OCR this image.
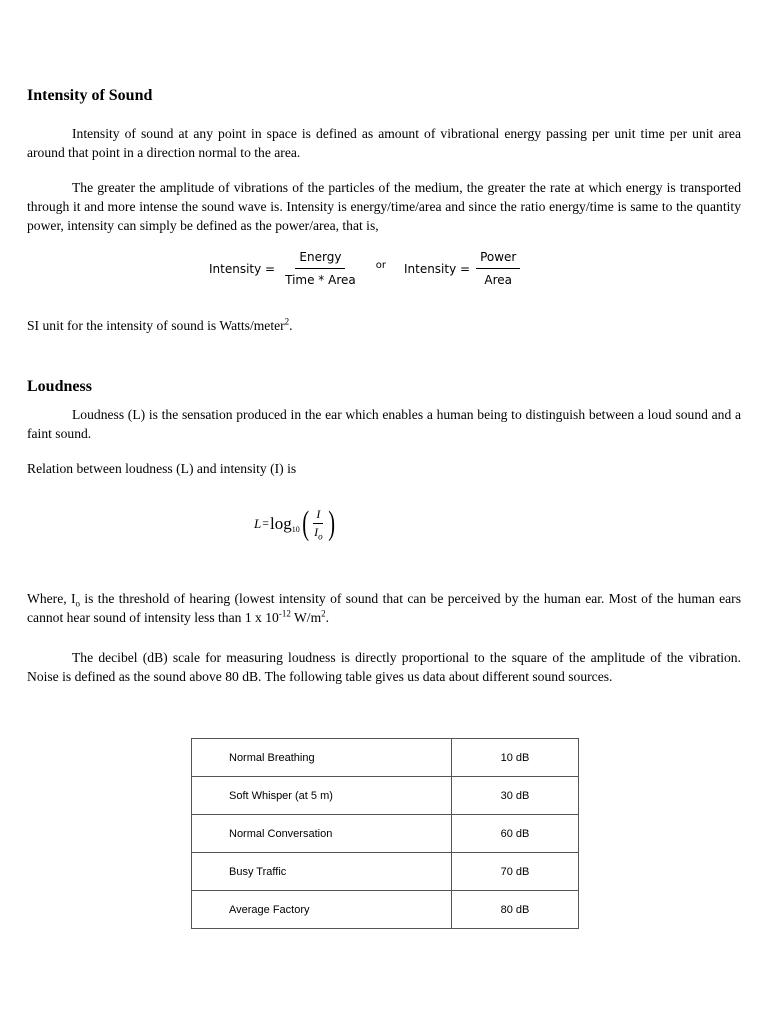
Intensity of Sound

Intensity of sound at any point in space is defined as amount of vibrational energy passing per unit time per unit area around that point in a direction normal to the area.

The greater the amplitude of vibrations of the particles of the medium, the greater the rate at which energy is transported through it and more intense the sound wave is. Intensity is energy/time/area and since the ratio energy/time is same to the quantity power, intensity can simply be defined as the power/area, that is,

Intensity = $\frac{\text{Energy}}{\text{Time * Area}}$ or Intensity = $\frac{\text{Power}}{\text{Area}}$

SI unit for the intensity of sound is Watts/meter$^2$.

Loudness

Loudness (L) is the sensation produced in the ear which enables a human being to distinguish between a loud sound and a faint sound.

Relation between loudness (L) and intensity (I) is

L = log 10 ( $\frac{I}{I_o}$ )

Where, $I_o$ is the threshold of hearing (lowest intensity of sound that can be perceived by the human ear. Most of the human ears cannot hear sound of intensity less than 1 x $10^{-12}$ $W/m^2$.

The decibel (dB) scale for measuring loudness is directly proportional to the square of the amplitude of the vibration. Noise is defined as the sound above 80 dB. The following table gives us data about different sound sources.

Normal Breathing	10 dB
Soft Whisper (at 5 m)	30 dB
Normal Conversation	60 dB
Busy Traffic	70 dB
Average Factory	80 dB
